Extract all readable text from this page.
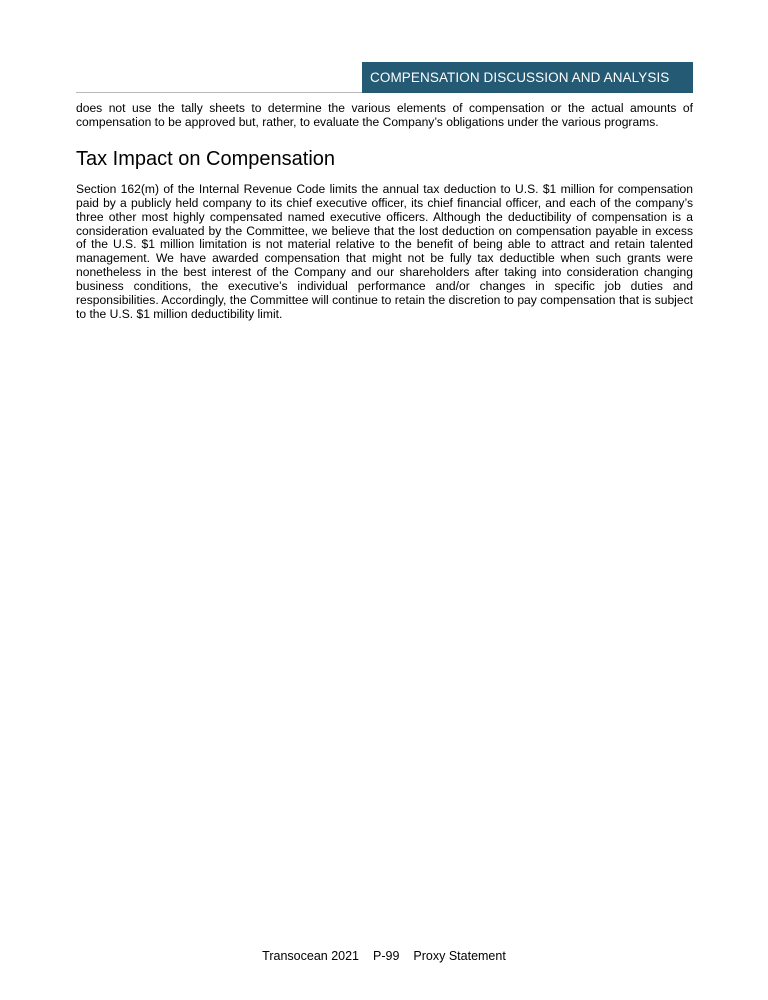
COMPENSATION DISCUSSION AND ANALYSIS

does not use the tally sheets to determine the various elements of compensation or the actual amounts of compensation to be approved but, rather, to evaluate the Company’s obligations under the various programs.

Tax Impact on Compensation

Section 162(m) of the Internal Revenue Code limits the annual tax deduction to U.S. $1 million for compensation paid by a publicly held company to its chief executive officer, its chief financial officer, and each of the company’s three other most highly compensated named executive officers. Although the deductibility of compensation is a consideration evaluated by the Committee, we believe that the lost deduction on compensation payable in excess of the U.S. $1 million limitation is not material relative to the benefit of being able to attract and retain talented management. We have awarded compensation that might not be fully tax deductible when such grants were nonetheless in the best interest of the Company and our shareholders after taking into consideration changing business conditions, the executive’s individual performance and/or changes in specific job duties and responsibilities. Accordingly, the Committee will continue to retain the discretion to pay compensation that is subject to the U.S. $1 million deductibility limit.

Transocean 2021 P-99 Proxy Statement
